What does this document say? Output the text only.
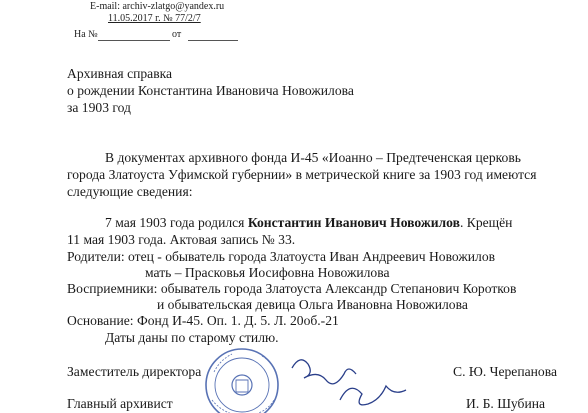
E-mail: archiv-zlatgo@yandex.ru
11.05.2017 г. № 77/2/7
На №	от
Архивная справка
о рождении Константина Ивановича Новожилова
за 1903 год
В документах архивного фонда И-45 «Иоанно – Предтеченская церковь
города Златоуста Уфимской губернии» в метрической книге за 1903 год имеются
следующие сведения:
7 мая 1903 года родился Константин Иванович Новожилов. Крещён
11 мая 1903 года. Актовая запись № 33.
Родители: отец - обыватель города Златоуста Иван Андреевич Новожилов
мать – Прасковья Иосифовна Новожилова
Восприемники: обыватель города Златоуста Александр Степанович Коротков
и обывательская девица Ольга Ивановна Новожилова
Основание: Фонд И-45. Оп. 1. Д. 5. Л. 20об.-21
Даты даны по старому стилю.
Заместитель директора	С. Ю. Черепанова
Главный архивист	И. Б. Шубина
